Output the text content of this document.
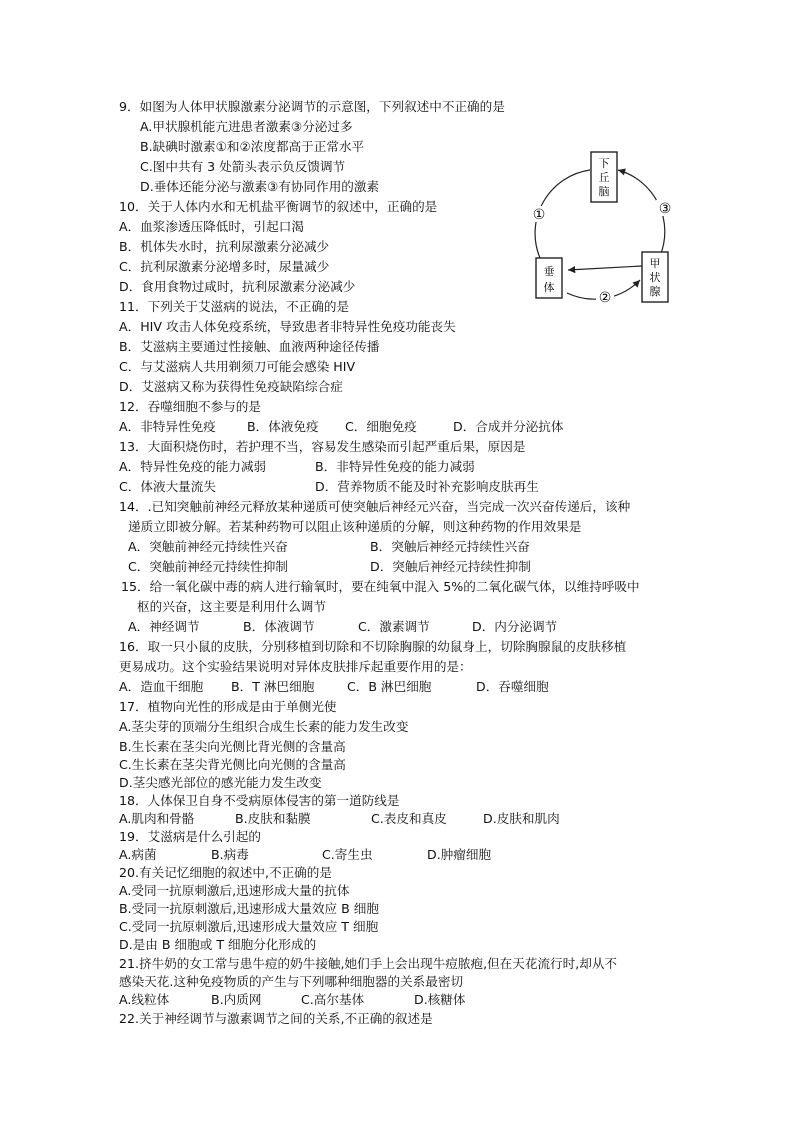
9．如图为人体甲状腺激素分泌调节的示意图，下列叙述中不正确的是
A.甲状腺机能亢进患者激素③分泌过多
B.缺碘时激素①和②浓度都高于正常水平
C.图中共有 3 处箭头表示负反馈调节
D.垂体还能分泌与激素③有协同作用的激素
下
丘
脑
垂
体
甲
状
腺
①
②
③
10．关于人体内水和无机盐平衡调节的叙述中，正确的是
A．血浆渗透压降低时，引起口渴
B．机体失水时，抗利尿激素分泌减少
C．抗利尿激素分泌增多时，尿量减少
D．食用食物过咸时，抗利尿激素分泌减少
11．下列关于艾滋病的说法，不正确的是
A．HIV 攻击人体免疫系统，导致患者非特异性免疫功能丧失
B．艾滋病主要通过性接触、血液两种途径传播
C．与艾滋病人共用剃须刀可能会感染 HIV
D．艾滋病又称为获得性免疫缺陷综合症
12．吞噬细胞不参与的是
A．非特异性免疫 B．体液免疫 C．细胞免疫	D．合成并分泌抗体
13．大面积烧伤时，若护理不当，容易发生感染而引起严重后果，原因是
A．特异性免疫的能力减弱	B．非特异性免疫的能力减弱
C．体液大量流失	D．营养物质不能及时补充影响皮肤再生
14．.已知突触前神经元释放某种递质可使突触后神经元兴奋，当完成一次兴奋传递后，该种
递质立即被分解。若某种药物可以阻止该种递质的分解，则这种药物的作用效果是
A．突触前神经元持续性兴奋	B．突触后神经元持续性兴奋
C．突触前神经元持续性抑制	D．突触后神经元持续性抑制
15．给一氧化碳中毒的病人进行输氧时，要在纯氧中混入 5%的二氧化碳气体，以维持呼吸中
枢的兴奋，这主要是利用什么调节
A．神经调节	B．体液调节	C．激素调节	D．内分泌调节
16．取一只小鼠的皮肤，分别移植到切除和不切除胸腺的幼鼠身上，切除胸腺鼠的皮肤移植
更易成功。这个实验结果说明对异体皮肤排斥起重要作用的是：
A．造血干细胞 B．T 淋巴细胞	C．B 淋巴细胞	D．吞噬细胞
17．植物向光性的形成是由于单侧光使
A.茎尖芽的顶端分生组织合成生长素的能力发生改变
B.生长素在茎尖向光侧比背光侧的含量高
C.生长素在茎尖背光侧比向光侧的含量高
D.茎尖感光部位的感光能力发生改变
18．人体保卫自身不受病原体侵害的第一道防线是
A.肌肉和骨骼	B.皮肤和黏膜	C.表皮和真皮	D.皮肤和肌肉
19．艾滋病是什么引起的
A.病菌	B.病毒	C.寄生虫	D.肿瘤细胞
20.有关记忆细胞的叙述中,不正确的是
A.受同一抗原刺激后,迅速形成大量的抗体
B.受同一抗原刺激后,迅速形成大量效应 B 细胞
C.受同一抗原刺激后,迅速形成大量效应 T 细胞
D.是由 B 细胞或 T 细胞分化形成的
21.挤牛奶的女工常与患牛痘的奶牛接触,她们手上会出现牛痘脓疱,但在天花流行时,却从不
感染天花.这种免疫物质的产生与下列哪种细胞器的关系最密切
A.线粒体	B.内质网	C.高尔基体	D.核糖体
22.关于神经调节与激素调节之间的关系,不正确的叙述是
